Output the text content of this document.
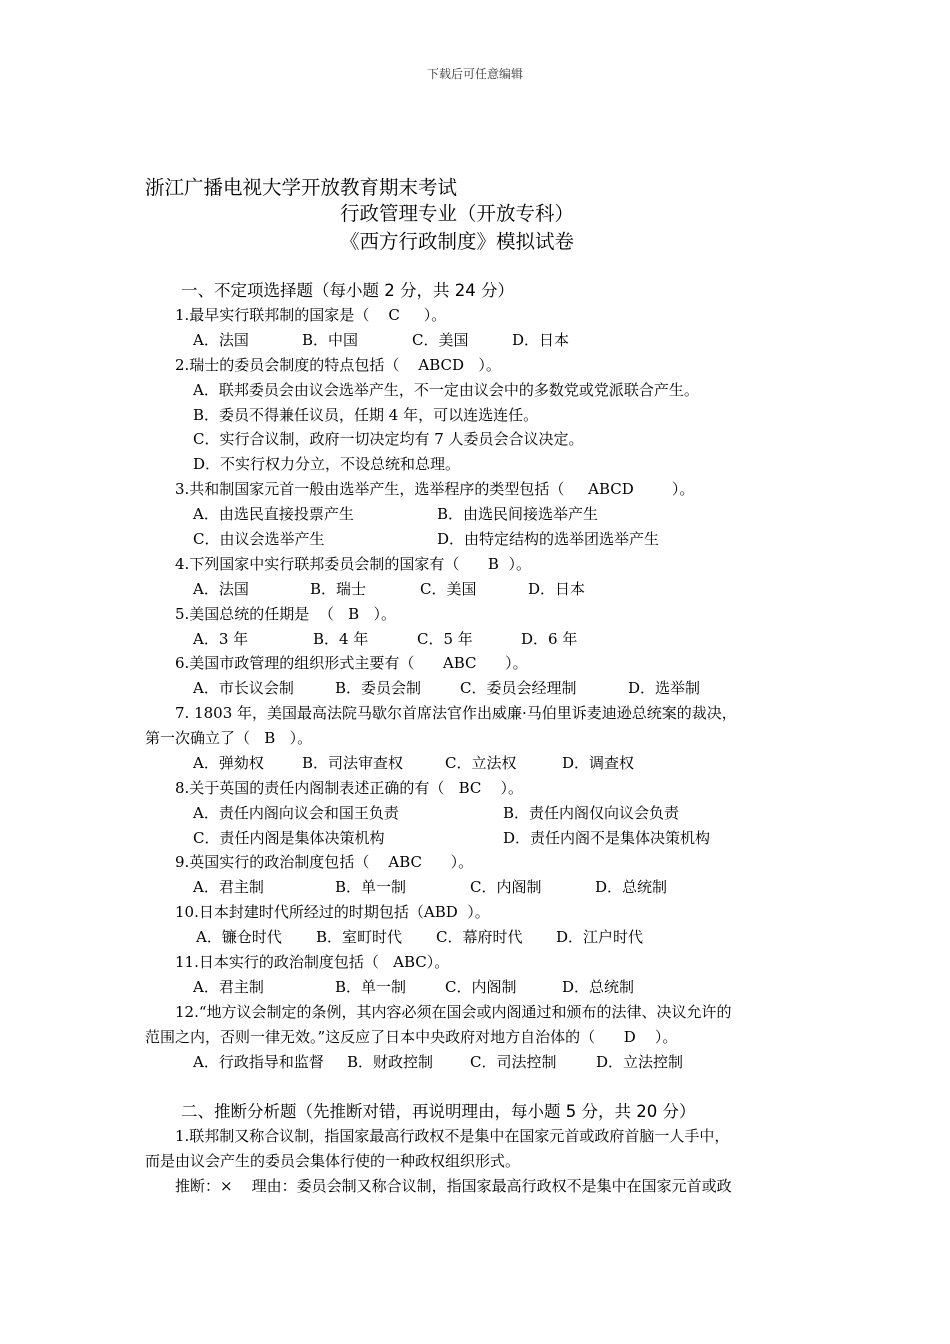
下载后可任意编辑
浙江广播电视大学开放教育期末考试
行政管理专业（开放专科）
《西方行政制度》模拟试卷
一、不定项选择题（每小题 2 分，共 24 分）
1.最早实行联邦制的国家是（    C     ）。
A．法国	B．中国	C．美国	D．日本
2.瑞士的委员会制度的特点包括（    ABCD   ）。
A．联邦委员会由议会选举产生，不一定由议会中的多数党或党派联合产生。
B．委员不得兼任议员，任期 4 年，可以连选连任。
C．实行合议制，政府一切决定均有 7 人委员会合议决定。
D．不实行权力分立，不设总统和总理。
3.共和制国家元首一般由选举产生，选举程序的类型包括（     ABCD        ）。
A．由选民直接投票产生	B．由选民间接选举产生
C．由议会选举产生	D．由特定结构的选举团选举产生
4.下列国家中实行联邦委员会制的国家有（      B  ）。
A．法国	B．瑞士	C．美国	D．日本
5.美国总统的任期是  （   B   ）。
A．3 年	B．4 年	C．5 年	D．6 年
6.美国市政管理的组织形式主要有（      ABC      ）。
A．市长议会制	B．委员会制	C．委员会经理制	D．选举制
7. 1803 年，美国最高法院马歇尔首席法官作出威廉·马伯里诉麦迪逊总统案的裁决，
第一次确立了（   B   ）。
A．弹劾权	B．司法审查权	C．立法权	D．调查权
8.关于英国的责任内阁制表述正确的有（   BC    ）。
A．责任内阁向议会和国王负责	B．责任内阁仅向议会负责
C．责任内阁是集体决策机构	D．责任内阁不是集体决策机构
9.英国实行的政治制度包括（    ABC      ）。
A．君主制	B．单一制	C．内阁制	D．总统制
10.日本封建时代所经过的时期包括（ABD  ）。
A．镰仓时代 B．室町时代 C．幕府时代 D．江户时代
11.日本实行的政治制度包括（   ABC）。
A．君主制	B．单一制	C．内阁制	D．总统制
12.“地方议会制定的条例，其内容必须在国会或内阁通过和颁布的法律、决议允许的
范围之内，否则一律无效。”这反应了日本中央政府对地方自治体的（      D    ）。
A．行政指导和监督 B．财政控制 C．司法控制	D．立法控制
二、推断分析题（先推断对错，再说明理由，每小题 5 分，共 20 分）
1.联邦制又称合议制，指国家最高行政权不是集中在国家元首或政府首脑一人手中，
而是由议会产生的委员会集体行使的一种政权组织形式。
推断：×    理由：委员会制又称合议制，指国家最高行政权不是集中在国家元首或政
